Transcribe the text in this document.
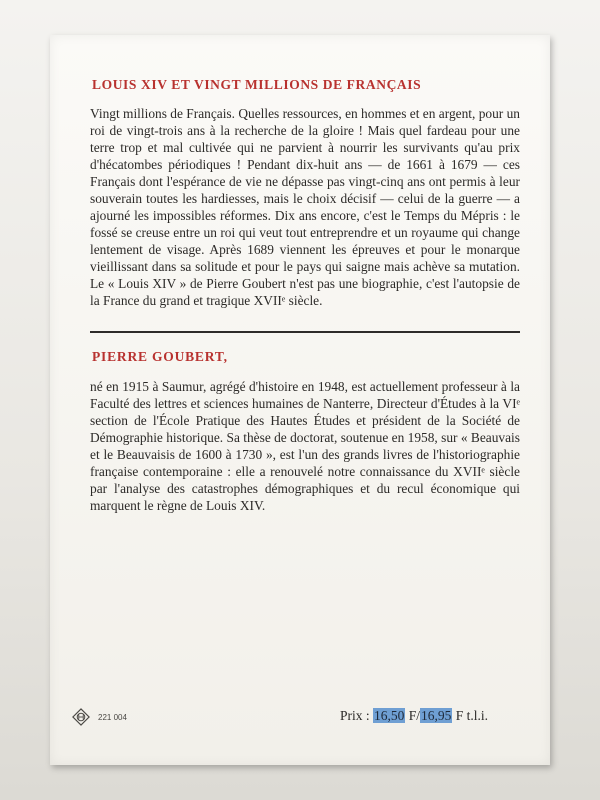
LOUIS XIV ET VINGT MILLIONS DE FRANÇAIS

Vingt millions de Français. Quelles ressources, en hommes et en argent, pour un roi de vingt-trois ans à la recherche de la gloire ! Mais quel fardeau pour une terre trop et mal cultivée qui ne parvient à nourrir les survivants qu'au prix d'hécatombes périodiques ! Pendant dix-huit ans — de 1661 à 1679 — ces Français dont l'espérance de vie ne dépasse pas vingt-cinq ans ont permis à leur souverain toutes les hardiesses, mais le choix décisif — celui de la guerre — a ajourné les impossibles réformes. Dix ans encore, c'est le Temps du Mépris : le fossé se creuse entre un roi qui veut tout entreprendre et un royaume qui change lentement de visage. Après 1689 viennent les épreuves et pour le monarque vieillissant dans sa solitude et pour le pays qui saigne mais achève sa mutation. Le « Louis XIV » de Pierre Goubert n'est pas une biographie, c'est l'autopsie de la France du grand et tragique XVIIᵉ siècle.

PIERRE GOUBERT,

né en 1915 à Saumur, agrégé d'histoire en 1948, est actuellement professeur à la Faculté des lettres et sciences humaines de Nanterre, Directeur d'Études à la VIᵉ section de l'École Pratique des Hautes Études et président de la Société de Démographie historique. Sa thèse de doctorat, soutenue en 1958, sur « Beauvais et le Beauvaisis de 1600 à 1730 », est l'un des grands livres de l'historiographie française contemporaine : elle a renouvelé notre connaissance du XVIIᵉ siècle par l'analyse des catastrophes démographiques et du recul économique qui marquent le règne de Louis XIV.

221 004	Prix : 16,50 F/16,95 F t.l.i.
